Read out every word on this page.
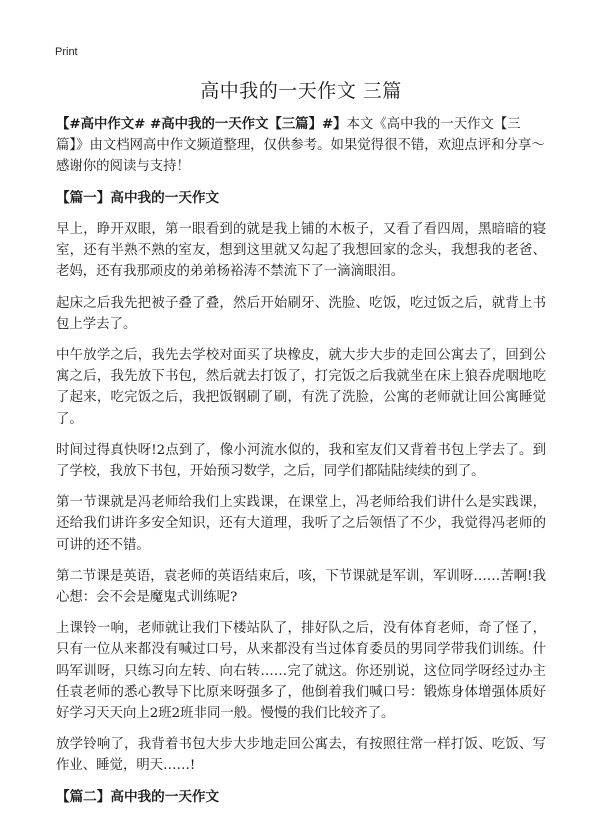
Print
高中我的一天作文 三篇

【#高中作文# #高中我的一天作文【三篇】#】本文《高中我的一天作文【三篇】》由文档网高中作文频道整理，仅供参考。如果觉得很不错，欢迎点评和分享～感谢你的阅读与支持！

【篇一】高中我的一天作文

早上，睁开双眼，第一眼看到的就是我上铺的木板子，又看了看四周，黑暗暗的寝室，还有半熟不熟的室友，想到这里就又勾起了我想回家的念头，我想我的老爸、老妈，还有我那顽皮的弟弟杨裕涛不禁流下了一滴滴眼泪。

起床之后我先把被子叠了叠，然后开始刷牙、洗脸、吃饭，吃过饭之后，就背上书包上学去了。

中午放学之后，我先去学校对面买了块橡皮，就大步大步的走回公寓去了，回到公寓之后，我先放下书包，然后就去打饭了，打完饭之后我就坐在床上狼吞虎咽地吃了起来，吃完饭之后，我把饭钢刷了刷，有洗了洗脸，公寓的老师就让回公寓睡觉了。

时间过得真快呀!2点到了，像小河流水似的，我和室友们又背着书包上学去了。到了学校，我放下书包，开始预习数学，之后，同学们都陆陆续续的到了。

第一节课就是冯老师给我们上实践课，在课堂上，冯老师给我们讲什么是实践课，还给我们讲许多安全知识，还有大道理，我听了之后领悟了不少，我觉得冯老师的可讲的还不错。

第二节课是英语，袁老师的英语结束后，咳，下节课就是军训，军训呀……苦啊!我心想：会不会是魔鬼式训练呢?

上课铃一响，老师就让我们下楼站队了，排好队之后，没有体育老师，奇了怪了，只有一位从来都没有喊过口号，从来都没有当过体育委员的男同学带我们训练。什吗军训呀，只练习向左转、向右转……完了就这。你还别说，这位同学呀经过办主任袁老师的悉心教导下比原来呀强多了，他倒着我们喊口号：锻炼身体增强体质好好学习天天向上2班2班非同一般。慢慢的我们比较齐了。

放学铃响了，我背着书包大步大步地走回公寓去，有按照往常一样打饭、吃饭、写作业、睡觉，明天……!

【篇二】高中我的一天作文
